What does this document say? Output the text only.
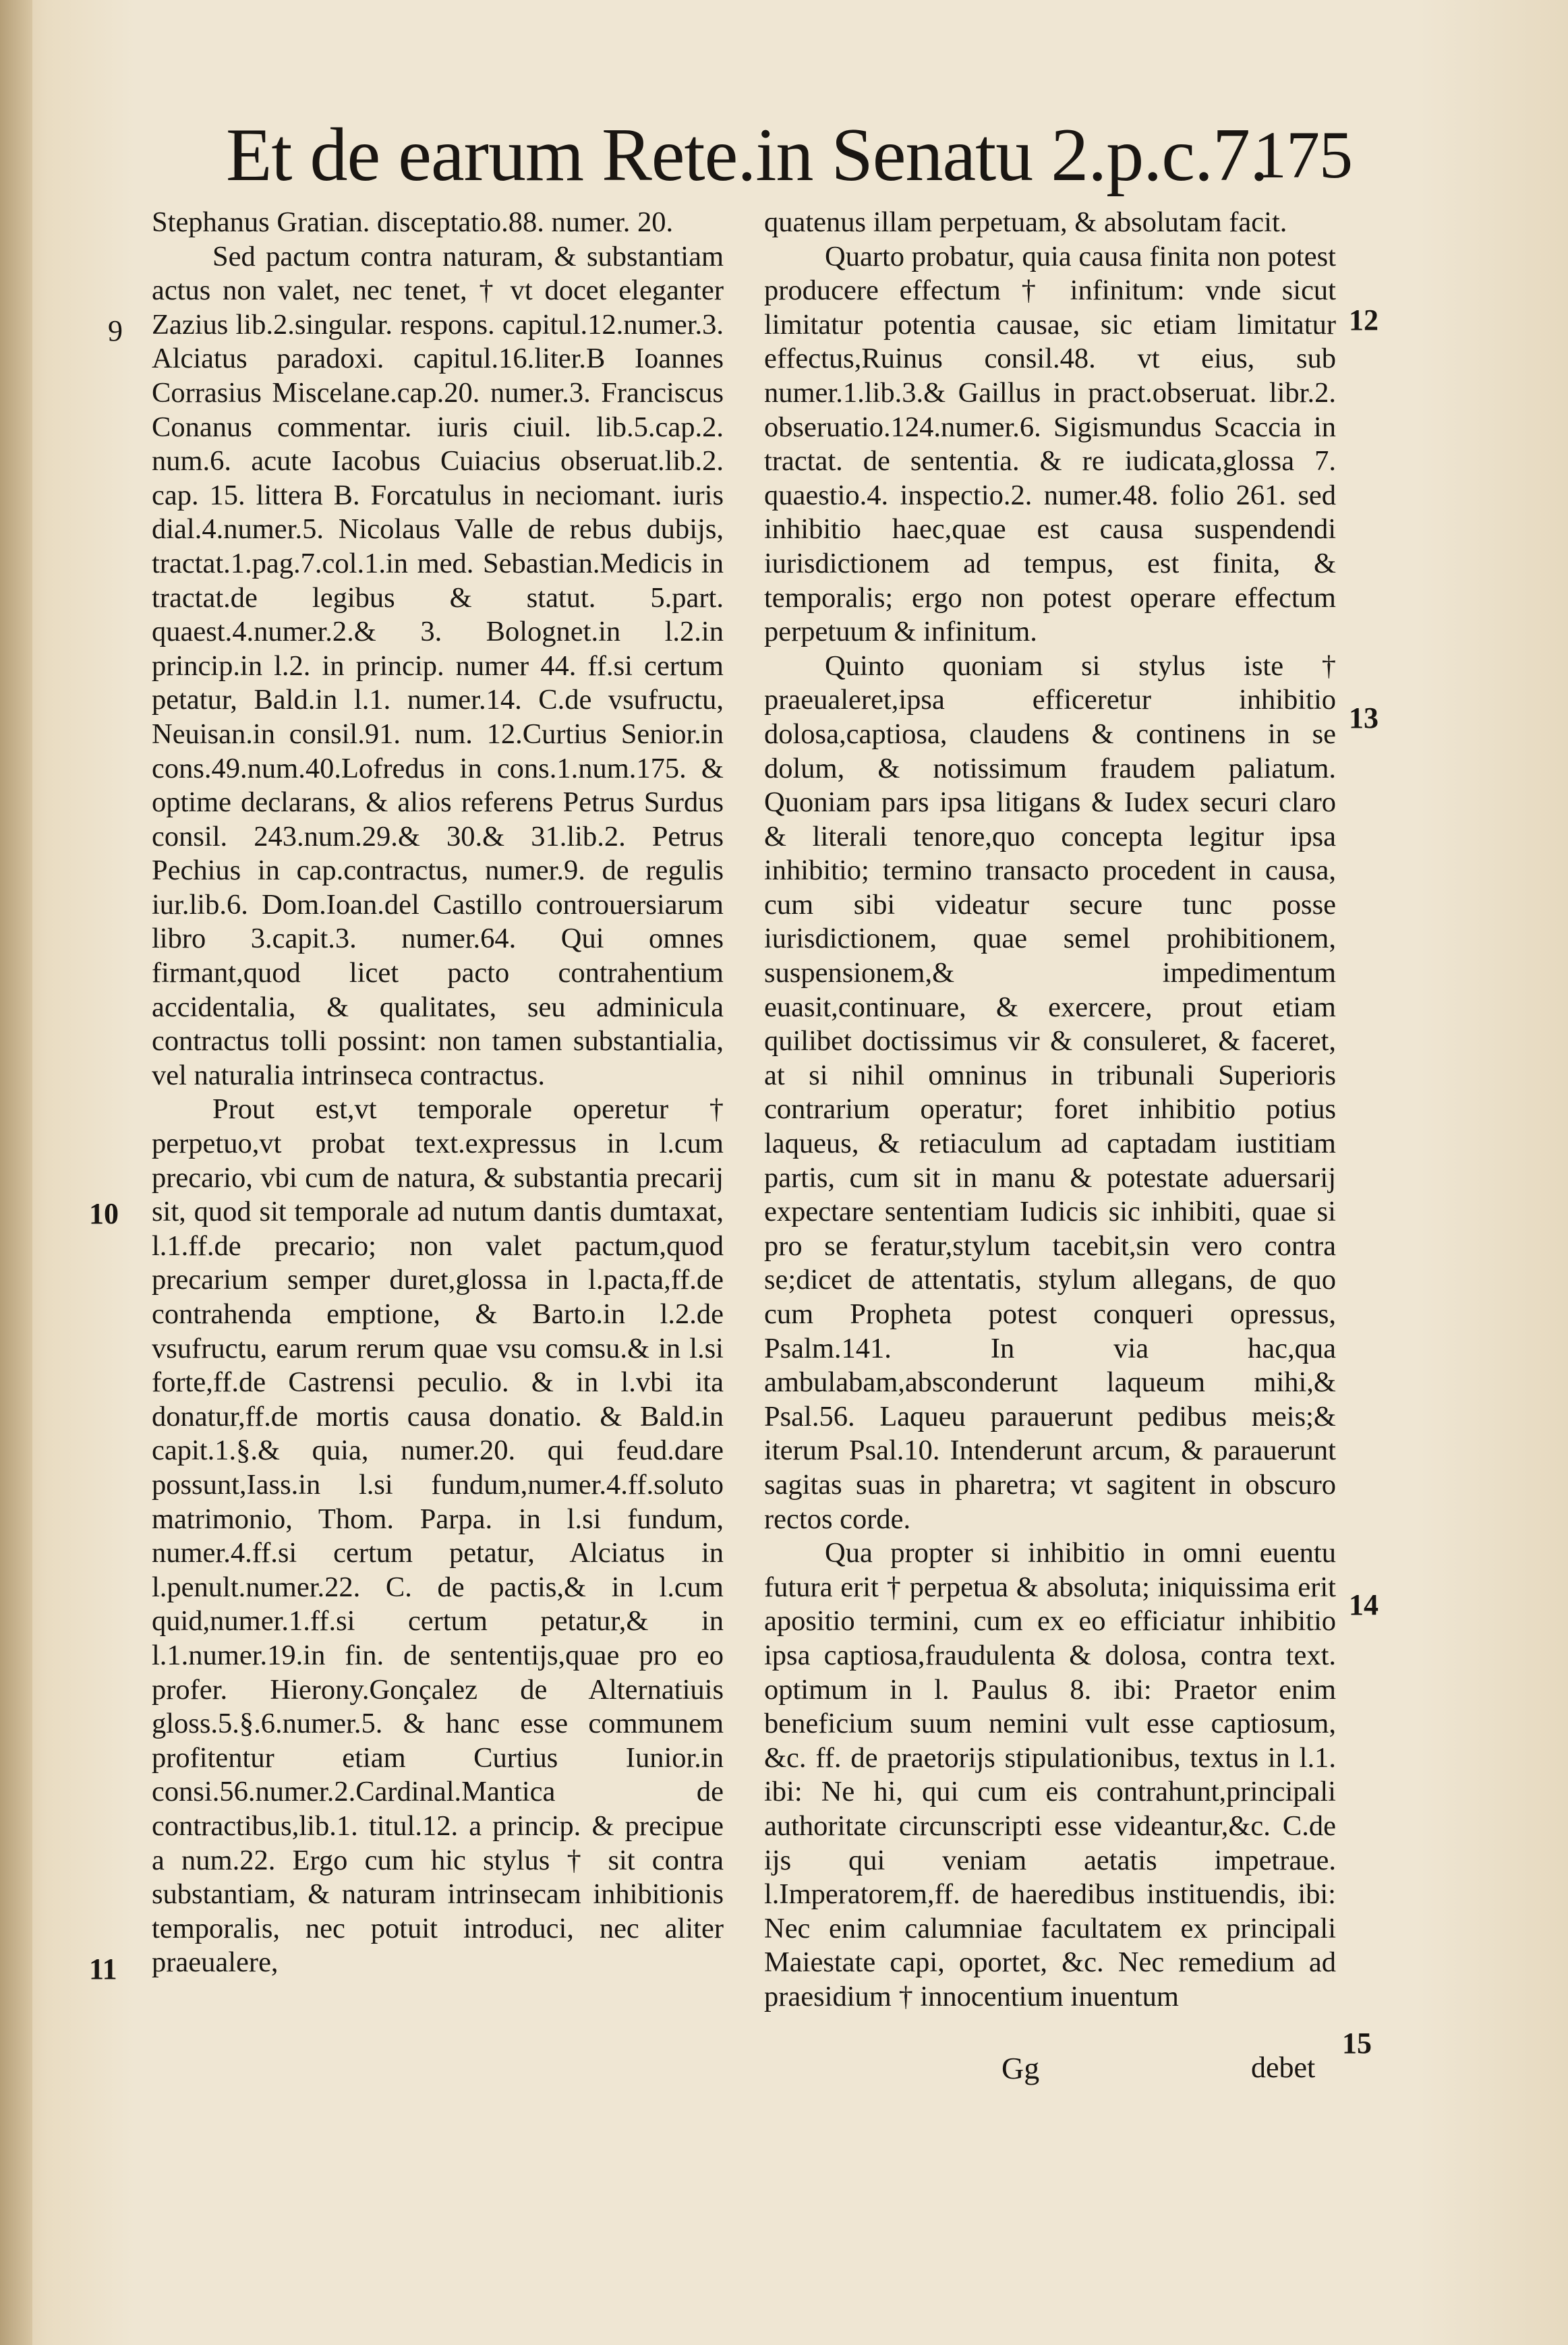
Et de earum Rete.in Senatu 2.p.c.7.
175

Stephanus Gratian. disceptatio.88. numer. 20.

Sed pactum contra naturam, & substantiam actus non valet, nec tenet, † vt docet eleganter Zazius lib.2.singular. respons. capitul.12.numer.3. Alciatus paradoxi. capitul.16.liter.B Ioannes Corrasius Miscelane.cap.20. numer.3. Franciscus Conanus commentar. iuris ciuil. lib.5.cap.2. num.6. acute Iacobus Cuiacius obseruat.lib.2. cap. 15. littera B. Forcatulus in neciomant. iuris dial.4.numer.5. Nicolaus Valle de rebus dubijs, tractat.1.pag.7.col.1.in med. Sebastian.Medicis in tractat.de legibus & statut. 5.part. quaest.4.numer.2.& 3. Bolognet.in l.2.in princip.in l.2. in princip. numer 44. ff.si certum petatur, Bald.in l.1. numer.14. C.de vsufructu, Neuisan.in consil.91. num. 12.Curtius Senior.in cons.49.num.40.Lofredus in cons.1.num.175. & optime declarans, & alios referens Petrus Surdus consil. 243.num.29.& 30.& 31.lib.2. Petrus Pechius in cap.contractus, numer.9. de regulis iur.lib.6. Dom.Ioan.del Castillo controuersiarum libro 3.capit.3. numer.64. Qui omnes firmant,quod licet pacto contrahentium accidentalia, & qualitates, seu adminicula contractus tolli possint: non tamen substantialia, vel naturalia intrinseca contractus.

Prout est,vt temporale operetur † perpetuo,vt probat text.expressus in l.cum precario, vbi cum de natura, & substantia precarij sit, quod sit temporale ad nutum dantis dumtaxat, l.1.ff.de precario; non valet pactum,quod precarium semper duret,glossa in l.pacta,ff.de contrahenda emptione, & Barto.in l.2.de vsufructu, earum rerum quae vsu comsu.& in l.si forte,ff.de Castrensi peculio. & in l.vbi ita donatur,ff.de mortis causa donatio. & Bald.in capit.1.§.& quia, numer.20. qui feud.dare possunt,Iass.in l.si fundum,numer.4.ff.soluto matrimonio, Thom. Parpa. in l.si fundum, numer.4.ff.si certum petatur, Alciatus in l.penult.numer.22. C. de pactis,& in l.cum quid,numer.1.ff.si certum petatur,& in l.1.numer.19.in fin. de sententijs,quae pro eo profer. Hierony.Gonçalez de Alternatiuis gloss.5.§.6.numer.5. & hanc esse communem profitentur etiam Curtius Iunior.in consi.56.numer.2.Cardinal.Mantica de contractibus,lib.1. titul.12. a princip. & precipue a num.22. Ergo cum hic stylus † sit contra substantiam, & naturam intrinsecam inhibitionis temporalis, nec potuit introduci, nec aliter praeualere,

quatenus illam perpetuam, & absolutam facit.

Quarto probatur, quia causa finita non potest producere effectum † infinitum: vnde sicut limitatur potentia causae, sic etiam limitatur effectus,Ruinus consil.48. vt eius, sub numer.1.lib.3.& Gaillus in pract.obseruat. libr.2. obseruatio.124.numer.6. Sigismundus Scaccia in tractat. de sententia. & re iudicata,glossa 7. quaestio.4. inspectio.2. numer.48. folio 261. sed inhibitio haec,quae est causa suspendendi iurisdictionem ad tempus, est finita, & temporalis; ergo non potest operare effectum perpetuum & infinitum.

Quinto quoniam si stylus iste † praeualeret,ipsa efficeretur inhibitio dolosa,captiosa, claudens & continens in se dolum, & notissimum fraudem paliatum. Quoniam pars ipsa litigans & Iudex securi claro & literali tenore,quo concepta legitur ipsa inhibitio; termino transacto procedent in causa, cum sibi videatur secure tunc posse iurisdictionem, quae semel prohibitionem, suspensionem,& impedimentum euasit,continuare, & exercere, prout etiam quilibet doctissimus vir & consuleret, & faceret, at si nihil omninus in tribunali Superioris contrarium operatur; foret inhibitio potius laqueus, & retiaculum ad captadam iustitiam partis, cum sit in manu & potestate aduersarij expectare sententiam Iudicis sic inhibiti, quae si pro se feratur,stylum tacebit,sin vero contra se;dicet de attentatis, stylum allegans, de quo cum Propheta potest conqueri opressus, Psalm.141. In via hac,qua ambulabam,absconderunt laqueum mihi,& Psal.56. Laqueu parauerunt pedibus meis;& iterum Psal.10. Intenderunt arcum, & parauerunt sagitas suas in pharetra; vt sagitent in obscuro rectos corde.

Qua propter si inhibitio in omni euentu futura erit † perpetua & absoluta; iniquissima erit apositio termini, cum ex eo efficiatur inhibitio ipsa captiosa,fraudulenta & dolosa, contra text. optimum in l. Paulus 8. ibi: Praetor enim beneficium suum nemini vult esse captiosum, &c. ff. de praetorijs stipulationibus, textus in l.1. ibi: Ne hi, qui cum eis contrahunt,principali authoritate circunscripti esse videantur,&c. C.de ijs qui veniam aetatis impetraue. l.Imperatorem,ff. de haeredibus instituendis, ibi: Nec enim calumniae facultatem ex principali Maiestate capi, oportet, &c. Nec remedium ad praesidium † innocentium inuentum

9
10
11
12
13
14
15
Gg	debet
